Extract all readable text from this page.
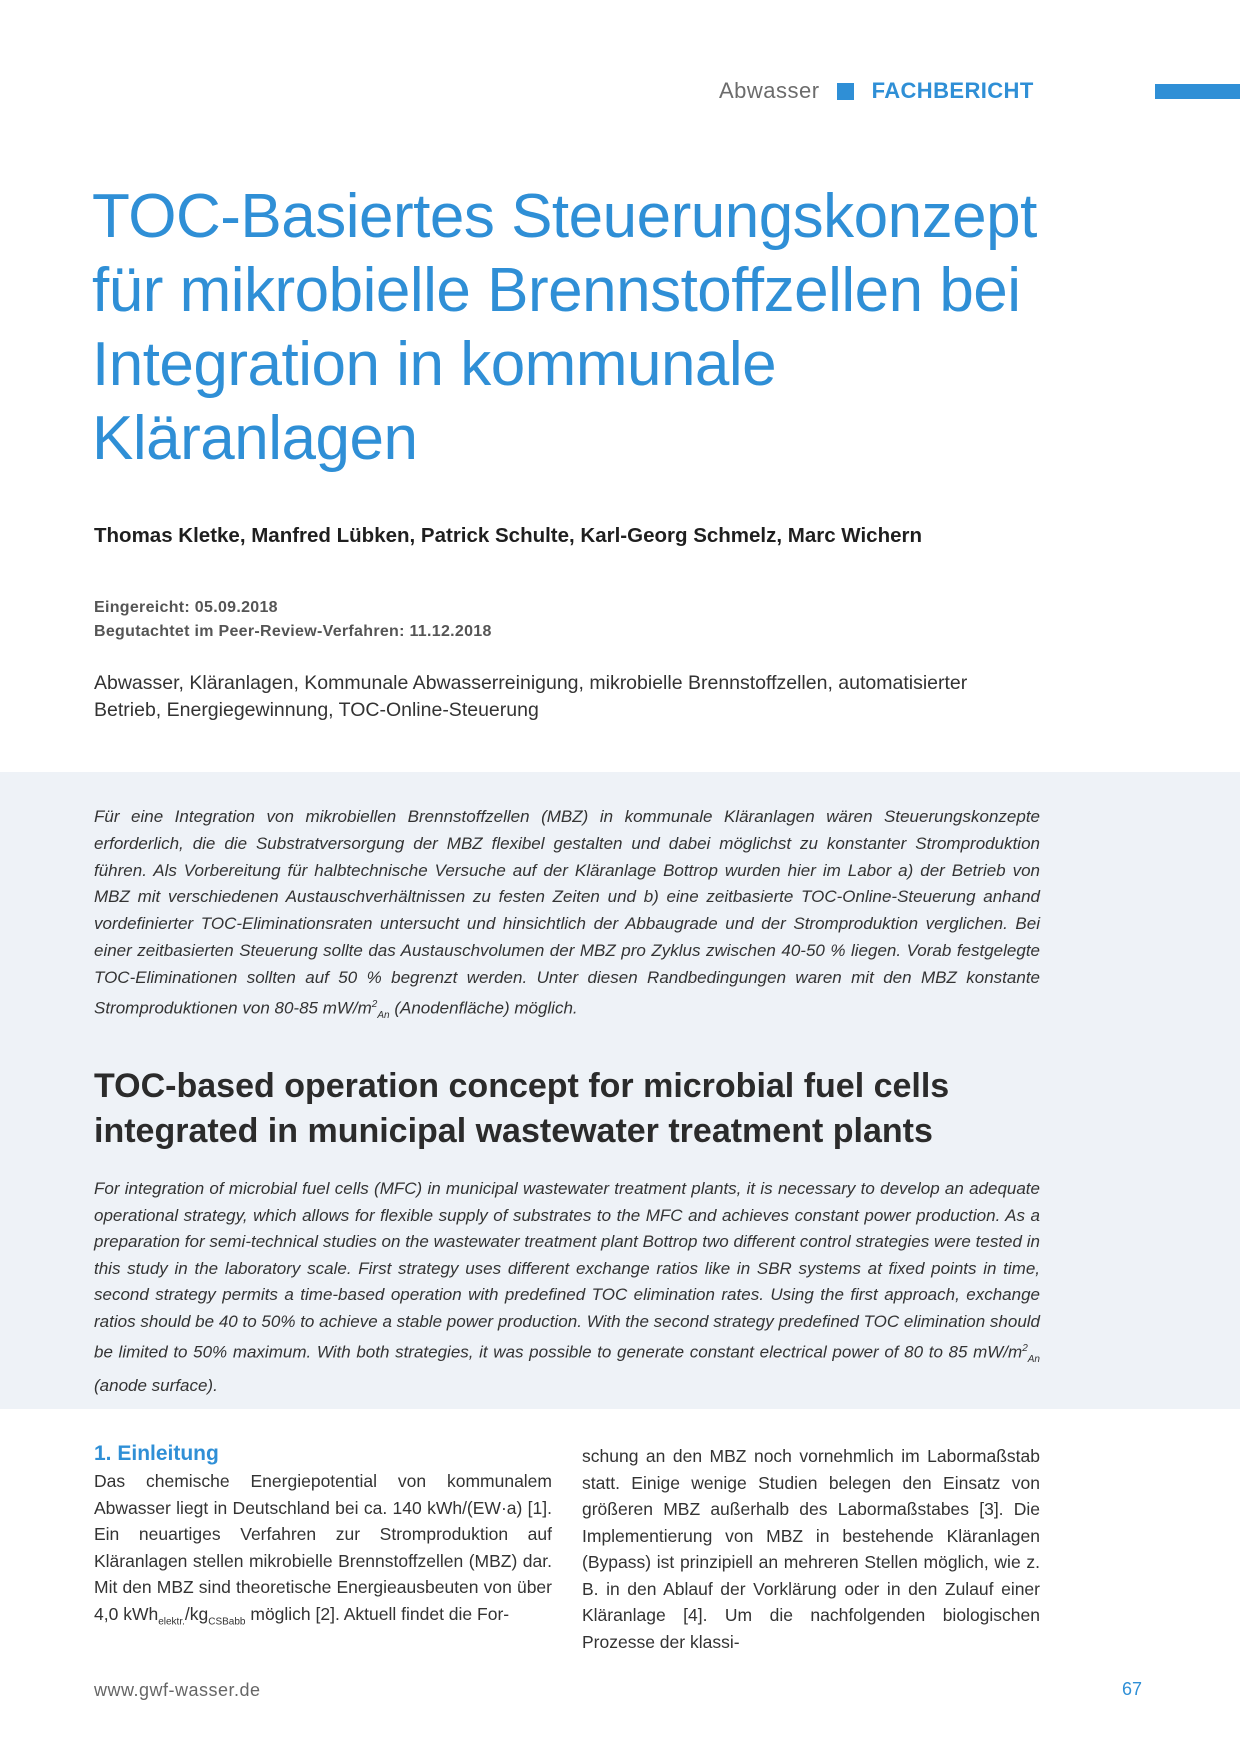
Abwasser FACHBERICHT
TOC-Basiertes Steuerungskonzept für mikrobielle Brennstoffzellen bei Integration in kommunale Kläranlagen
Thomas Kletke, Manfred Lübken, Patrick Schulte, Karl-Georg Schmelz, Marc Wichern
Eingereicht: 05.09.2018
Begutachtet im Peer-Review-Verfahren: 11.12.2018
Abwasser, Kläranlagen, Kommunale Abwasserreinigung, mikrobielle Brennstoffzellen, automatisierter Betrieb, Energiegewinnung, TOC-Online-Steuerung

Für eine Integration von mikrobiellen Brennstoffzellen (MBZ) in kommunale Kläranlagen wären Steuerungskonzepte erforderlich, die die Substratversorgung der MBZ flexibel gestalten und dabei möglichst zu konstanter Stromproduktion führen. Als Vorbereitung für halbtechnische Versuche auf der Kläranlage Bottrop wurden hier im Labor a) der Betrieb von MBZ mit verschiedenen Austauschverhältnissen zu festen Zeiten und b) eine zeitbasierte TOC-Online-Steuerung anhand vordefinierter TOC-Eliminationsraten untersucht und hinsichtlich der Abbaugrade und der Stromproduktion verglichen. Bei einer zeitbasierten Steuerung sollte das Austauschvolumen der MBZ pro Zyklus zwischen 40-50 % liegen. Vorab festgelegte TOC-Eliminationen sollten auf 50 % begrenzt werden. Unter diesen Randbedingungen waren mit den MBZ konstante Stromproduktionen von 80-85 $mW/m^2_{An}$ (Anodenfläche) möglich.

TOC-based operation concept for microbial fuel cells integrated in municipal wastewater treatment plants

For integration of microbial fuel cells (MFC) in municipal wastewater treatment plants, it is necessary to develop an adequate operational strategy, which allows for flexible supply of substrates to the MFC and achieves constant power production. As a preparation for semi-technical studies on the wastewater treatment plant Bottrop two different control strategies were tested in this study in the laboratory scale. First strategy uses different exchange ratios like in SBR systems at fixed points in time, second strategy permits a time-based operation with predefined TOC elimination rates. Using the first approach, exchange ratios should be 40 to 50% to achieve a stable power production. With the second strategy predefined TOC elimination should be limited to 50% maximum. With both strategies, it was possible to generate constant electrical power of 80 to 85 $mW/m^2_{An}$ (anode surface).

1. Einleitung
Das chemische Energiepotential von kommunalem Abwasser liegt in Deutschland bei ca. 140 kWh/(EW·a) [1]. Ein neuartiges Verfahren zur Stromproduktion auf Kläranlagen stellen mikrobielle Brennstoffzellen (MBZ) dar. Mit den MBZ sind theoretische Energieausbeuten von über 4,0 $kWh_{elektr.}/kg_{CSBabb}$ möglich [2]. Aktuell findet die For-
schung an den MBZ noch vornehmlich im Labormaßstab statt. Einige wenige Studien belegen den Einsatz von größeren MBZ außerhalb des Labormaßstabes [3]. Die Implementierung von MBZ in bestehende Kläranlagen (Bypass) ist prinzipiell an mehreren Stellen möglich, wie z. B. in den Ablauf der Vorklärung oder in den Zulauf einer Kläranlage [4]. Um die nachfolgenden biologischen Prozesse der klassi-
www.gwf-wasser.de	67
